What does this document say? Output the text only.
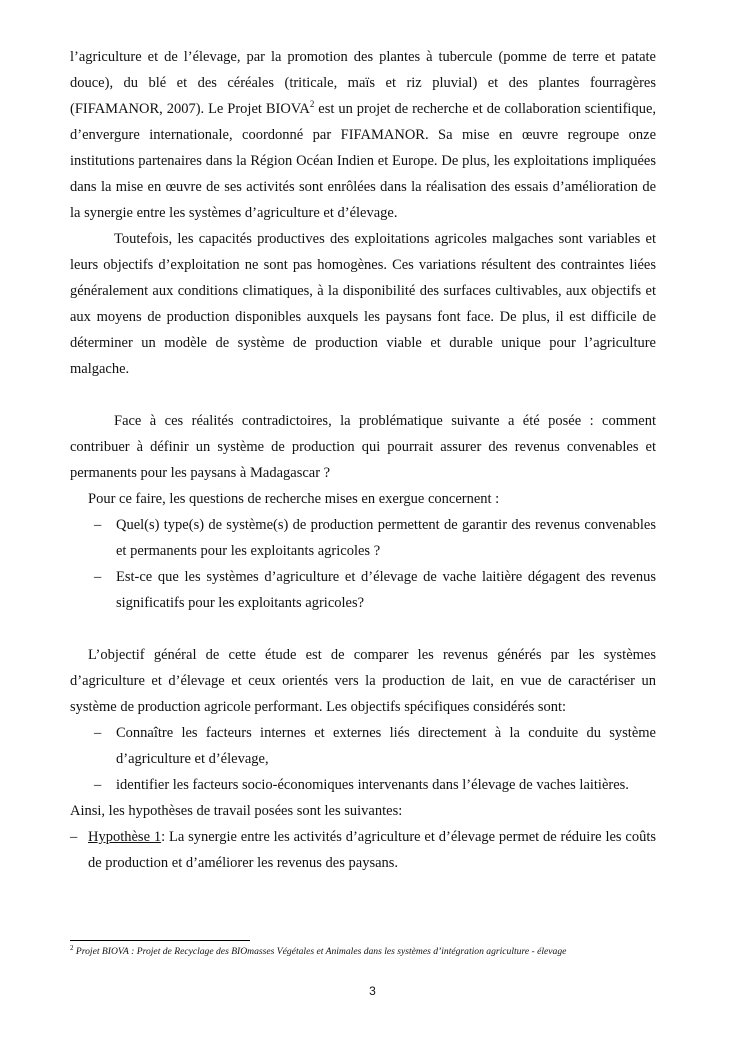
l’agriculture et de l’élevage, par la promotion des plantes à tubercule (pomme de terre et patate douce), du blé et des céréales (triticale, maïs et riz pluvial) et des plantes fourragères (FIFAMANOR, 2007). Le Projet BIOVA$^2$ est un projet de recherche et de collaboration scientifique, d’envergure internationale, coordonné par FIFAMANOR. Sa mise en œuvre regroupe onze institutions partenaires dans la Région Océan Indien et Europe. De plus, les exploitations impliquées dans la mise en œuvre de ses activités sont enrôlées dans la réalisation des essais d’amélioration de la synergie entre les systèmes d’agriculture et d’élevage.

Toutefois, les capacités productives des exploitations agricoles malgaches sont variables et leurs objectifs d’exploitation ne sont pas homogènes. Ces variations résultent des contraintes liées généralement aux conditions climatiques, à la disponibilité des surfaces cultivables, aux objectifs et aux moyens de production disponibles auxquels les paysans font face. De plus, il est difficile de déterminer un modèle de système de production viable et durable unique pour l’agriculture malgache.

Face à ces réalités contradictoires, la problématique suivante a été posée : comment contribuer à définir un système de production qui pourrait assurer des revenus convenables et permanents pour les paysans à Madagascar ?

Pour ce faire, les questions de recherche mises en exergue concernent :

– Quel(s) type(s) de système(s) de production permettent de garantir des revenus convenables et permanents pour les exploitants agricoles ?
– Est-ce que les systèmes d’agriculture et d’élevage de vache laitière dégagent des revenus significatifs pour les exploitants agricoles?

L’objectif général de cette étude est de comparer les revenus générés par les systèmes d’agriculture et d’élevage et ceux orientés vers la production de lait, en vue de caractériser un système de production agricole performant. Les objectifs spécifiques considérés sont:

– Connaître les facteurs internes et externes liés directement à la conduite du système d’agriculture et d’élevage,
– identifier les facteurs socio-économiques intervenants dans l’élevage de vaches laitières.

Ainsi, les hypothèses de travail posées sont les suivantes:

– Hypothèse 1: La synergie entre les activités d’agriculture et d’élevage permet de réduire les coûts de production et d’améliorer les revenus des paysans.
$^2$ Projet BIOVA : Projet de Recyclage des BIOmasses Végétales et Animales dans les systèmes d’intégration agriculture - élevage
3
